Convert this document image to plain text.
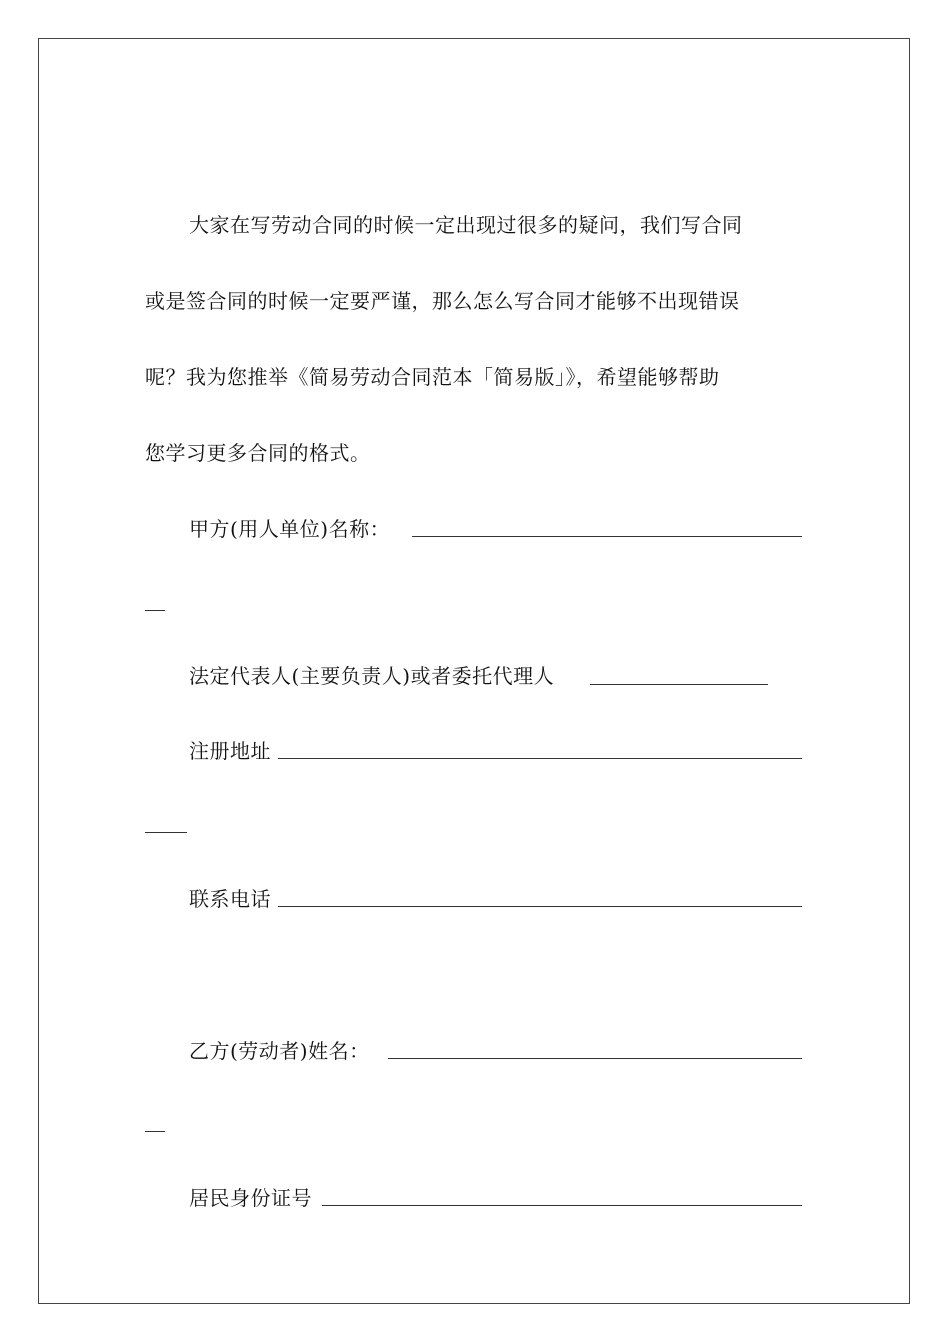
大家在写劳动合同的时候一定出现过很多的疑问，我们写合同
或是签合同的时候一定要严谨，那么怎么写合同才能够不出现错误
呢？我为您推举《简易劳动合同范本「简易版」》，希望能够帮助
您学习更多合同的格式。
甲方(用人单位)名称：
法定代表人(主要负责人)或者委托代理人
注册地址
联系电话
乙方(劳动者)姓名：
居民身份证号
